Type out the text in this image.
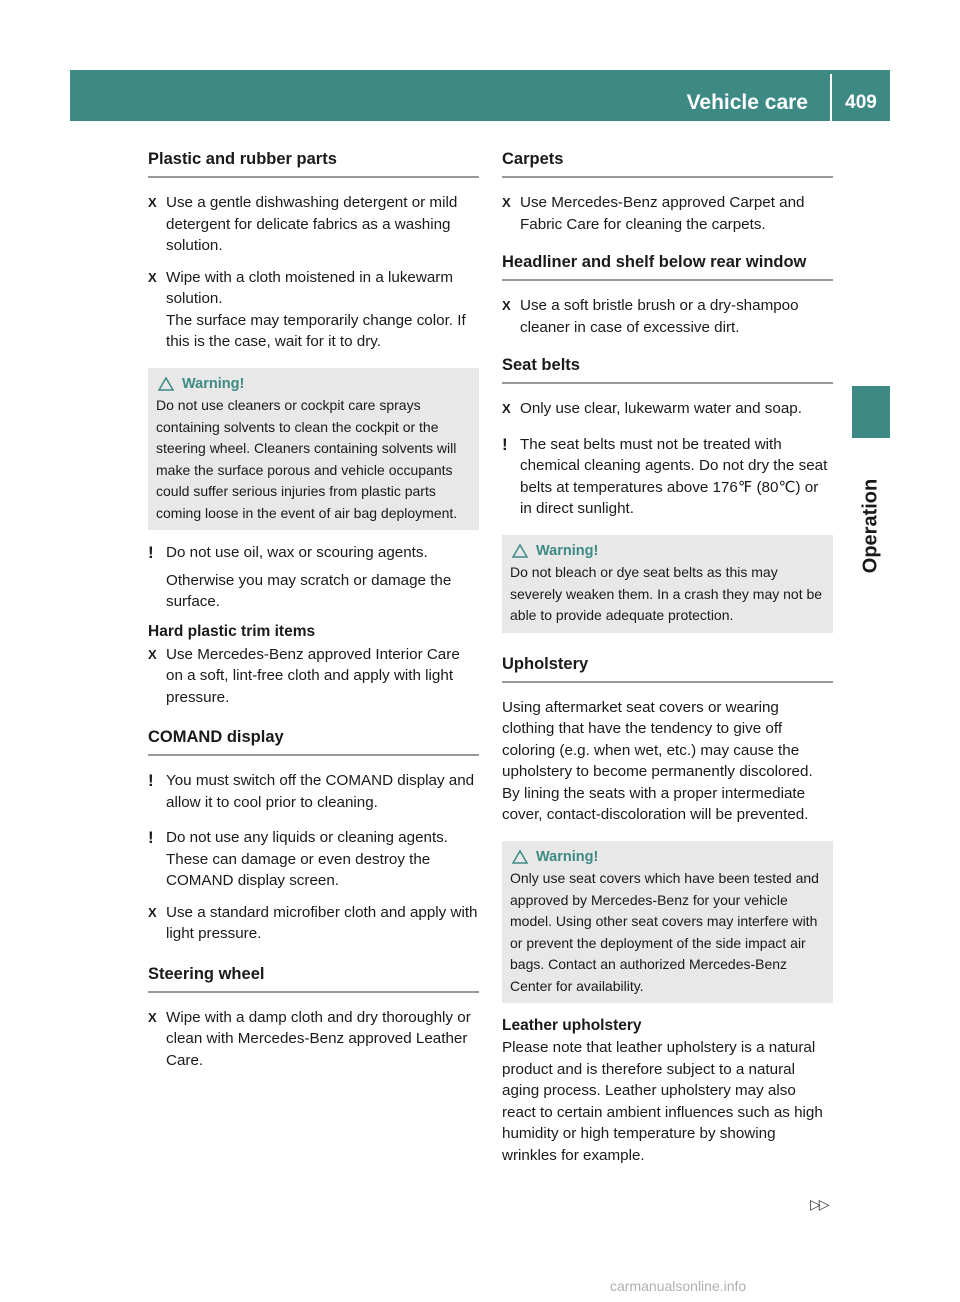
Vehicle care	409
Operation
Plastic and rubber parts
X Use a gentle dishwashing detergent or mild detergent for delicate fabrics as a washing solution.
X Wipe with a cloth moistened in a lukewarm solution.
The surface may temporarily change color. If this is the case, wait for it to dry.
Warning!
Do not use cleaners or cockpit care sprays containing solvents to clean the cockpit or the steering wheel. Cleaners containing solvents will make the surface porous and vehicle occupants could suffer serious injuries from plastic parts coming loose in the event of air bag deployment.
! Do not use oil, wax or scouring agents.
Otherwise you may scratch or damage the surface.
Hard plastic trim items
X Use Mercedes-Benz approved Interior Care on a soft, lint-free cloth and apply with light pressure.
COMAND display
! You must switch off the COMAND display and allow it to cool prior to cleaning.
! Do not use any liquids or cleaning agents. These can damage or even destroy the COMAND display screen.
X Use a standard microfiber cloth and apply with light pressure.
Steering wheel
X Wipe with a damp cloth and dry thoroughly or clean with Mercedes-Benz approved Leather Care.
Carpets
X Use Mercedes-Benz approved Carpet and Fabric Care for cleaning the carpets.
Headliner and shelf below rear window
X Use a soft bristle brush or a dry-shampoo cleaner in case of excessive dirt.
Seat belts
X Only use clear, lukewarm water and soap.
! The seat belts must not be treated with chemical cleaning agents. Do not dry the seat belts at temperatures above 176℉ (80℃) or in direct sunlight.
Warning!
Do not bleach or dye seat belts as this may severely weaken them. In a crash they may not be able to provide adequate protection.
Upholstery

Using aftermarket seat covers or wearing clothing that have the tendency to give off coloring (e.g. when wet, etc.) may cause the upholstery to become permanently discolored. By lining the seats with a proper intermediate cover, contact-discoloration will be prevented.

Warning!
Only use seat covers which have been tested and approved by Mercedes-Benz for your vehicle model. Using other seat covers may interfere with or prevent the deployment of the side impact air bags. Contact an authorized Mercedes-Benz Center for availability.
Leather upholstery

Please note that leather upholstery is a natural product and is therefore subject to a natural aging process. Leather upholstery may also react to certain ambient influences such as high humidity or high temperature by showing wrinkles for example.

▷▷
carmanualsonline.info
